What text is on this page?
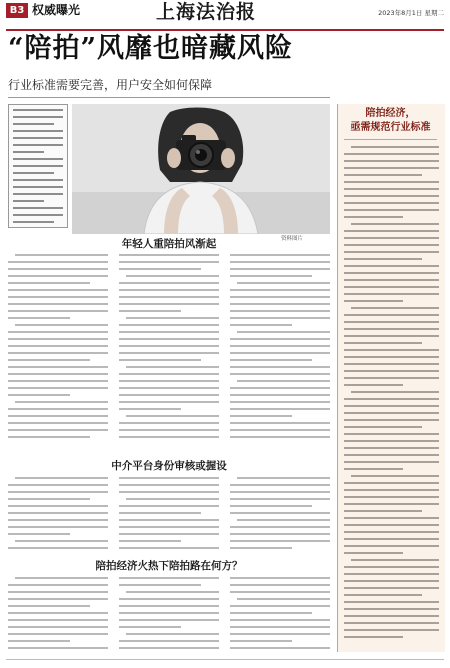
B3 权威曝光	上海法治报	2023年8月1日 星期二
“陪拍”风靡也暗藏风险
行业标准需要完善，用户安全如何保障
资料图片
年轻人重陪拍风渐起
中介平台身份审核或握设
陪拍经济火热下陪拍路在何方？
陪拍经济，
亟需规范行业标准
